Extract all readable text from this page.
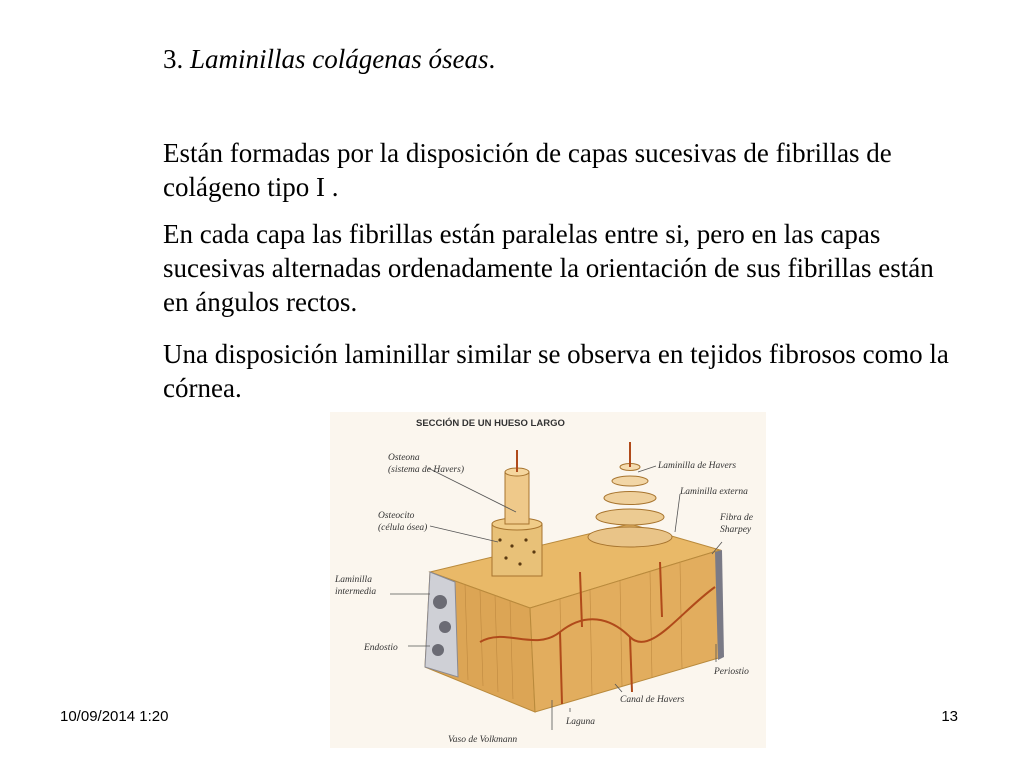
3. Laminillas colágenas óseas.

Están formadas por la disposición de capas sucesivas de fibrillas de colágeno tipo I .

En cada capa las fibrillas están paralelas entre si, pero en las capas sucesivas alternadas ordenadamente la orientación de sus fibrillas están en ángulos rectos.

Una disposición laminillar similar se observa en tejidos fibrosos como la córnea.

SECCIÓN DE UN HUESO LARGO
Osteona
(sistema de Havers)
Osteocito
(célula ósea)
Laminilla
intermedia
Endostio
Vaso de Volkmann
Laguna
Canal de Havers
Periostio
Fibra de
Sharpey
Laminilla externa
Laminilla de Havers
10/09/2014 1:20	13
